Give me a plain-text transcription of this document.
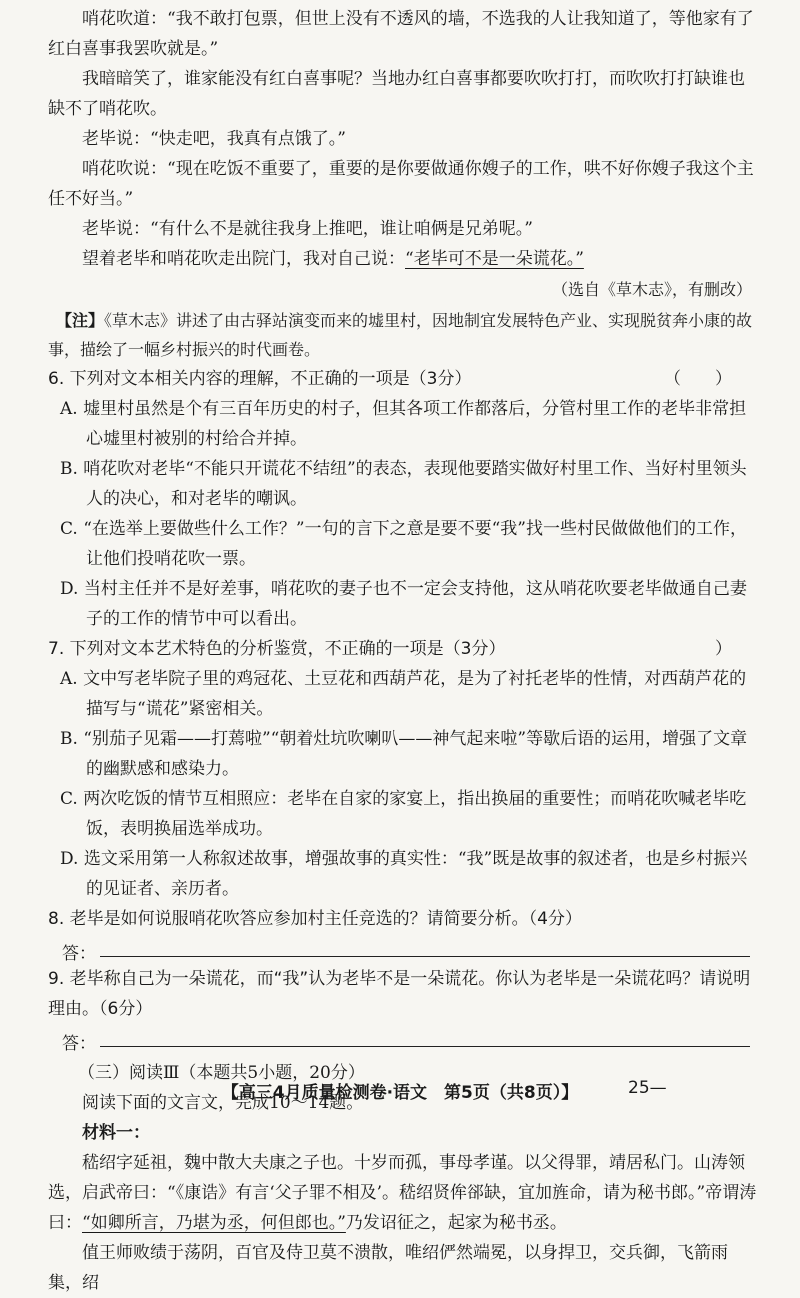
哨花吹道：“我不敢打包票，但世上没有不透风的墙，不选我的人让我知道了，等他家有了红白喜事我罢吹就是。”

我暗暗笑了，谁家能没有红白喜事呢？当地办红白喜事都要吹吹打打，而吹吹打打缺谁也缺不了哨花吹。

老毕说：“快走吧，我真有点饿了。”

哨花吹说：“现在吃饭不重要了，重要的是你要做通你嫂子的工作，哄不好你嫂子我这个主任不好当。”

老毕说：“有什么不是就往我身上推吧，谁让咱俩是兄弟呢。”

望着老毕和哨花吹走出院门，我对自己说：“老毕可不是一朵谎花。”

（选自《草木志》，有删改）

【注】《草木志》讲述了由古驿站演变而来的墟里村，因地制宜发展特色产业、实现脱贫奔小康的故事，描绘了一幅乡村振兴的时代画卷。

6. 下列对文本相关内容的理解，不正确的一项是（3分）	（　　）

A. 墟里村虽然是个有三百年历史的村子，但其各项工作都落后，分管村里工作的老毕非常担心墟里村被别的村给合并掉。

B. 哨花吹对老毕“不能只开谎花不结纽”的表态，表现他要踏实做好村里工作、当好村里领头人的决心，和对老毕的嘲讽。

C. “在选举上要做些什么工作？”一句的言下之意是要不要“我”找一些村民做做他们的工作，让他们投哨花吹一票。

D. 当村主任并不是好差事，哨花吹的妻子也不一定会支持他，这从哨花吹要老毕做通自己妻子的工作的情节中可以看出。

7. 下列对文本艺术特色的分析鉴赏，不正确的一项是（3分）	）

A. 文中写老毕院子里的鸡冠花、土豆花和西葫芦花，是为了衬托老毕的性情，对西葫芦花的描写与“谎花”紧密相关。

B. “别茄子见霜——打蔫啦”“朝着灶坑吹喇叭——神气起来啦”等歇后语的运用，增强了文章的幽默感和感染力。

C. 两次吃饭的情节互相照应：老毕在自家的家宴上，指出换届的重要性；而哨花吹喊老毕吃饭，表明换届选举成功。

D. 选文采用第一人称叙述故事，增强故事的真实性：“我”既是故事的叙述者，也是乡村振兴的见证者、亲历者。

8. 老毕是如何说服哨花吹答应参加村主任竞选的？请简要分析。（4分）

答：

9. 老毕称自己为一朵谎花，而“我”认为老毕不是一朵谎花。你认为老毕是一朵谎花吗？请说明理由。（6分）

答：

（三）阅读Ⅲ（本题共5小题，20分）

阅读下面的文言文，完成10～14题。

材料一：

嵇绍字延祖，魏中散大夫康之子也。十岁而孤，事母孝谨。以父得罪，靖居私门。山涛领选，启武帝曰：“《康诰》有言‘父子罪不相及’。嵇绍贤侔郤缺，宜加旌命，请为秘书郎。”帝谓涛曰：“如卿所言，乃堪为丞，何但郎也。”乃发诏征之，起家为秘书丞。

值王师败绩于荡阴，百官及侍卫莫不溃散，唯绍俨然端冕，以身捍卫，交兵御，飞箭雨集，绍

【高三4月质量检测卷·语文　第5页（共8页）】	25—
